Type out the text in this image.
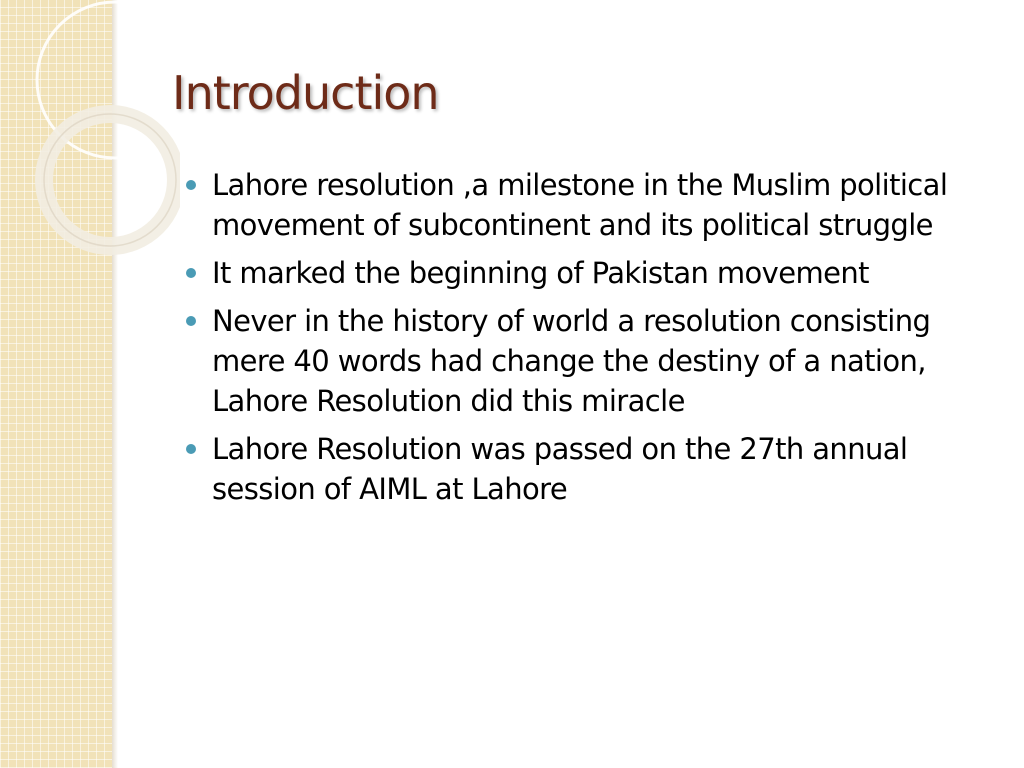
Introduction
Lahore resolution ,a milestone in the Muslim political movement of subcontinent and its political struggle
It marked the beginning of Pakistan movement
Never in the history of world a resolution consisting mere 40 words had change the destiny of a nation, Lahore Resolution did this miracle
Lahore Resolution was passed on the 27th annual session of AIML at Lahore
